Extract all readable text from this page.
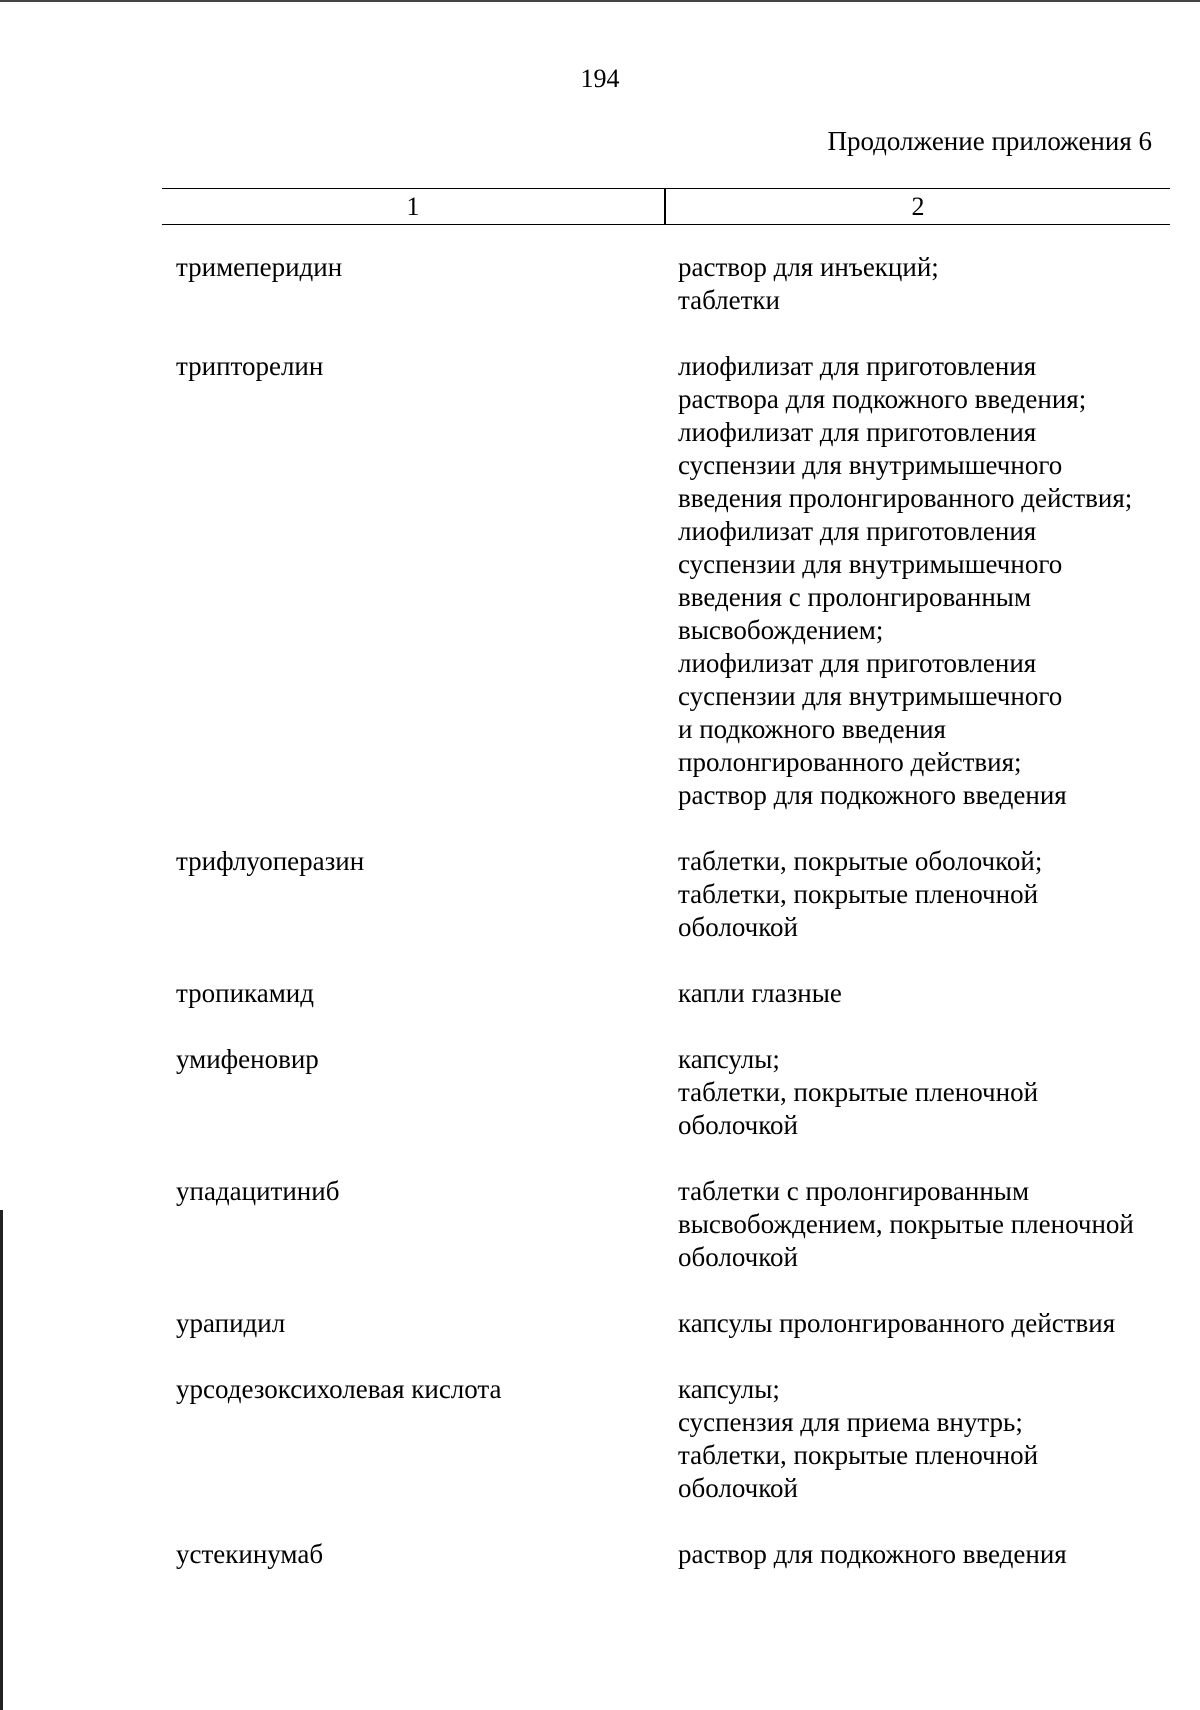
194
Продолжение приложения 6
1	2
тримеперидин	раствор для инъекций;
таблетки
трипторелин	лиофилизат для приготовления
раствора для подкожного введения;
лиофилизат для приготовления
суспензии для внутримышечного
введения пролонгированного действия;
лиофилизат для приготовления
суспензии для внутримышечного
введения с пролонгированным
высвобождением;
лиофилизат для приготовления
суспензии для внутримышечного
и подкожного введения
пролонгированного действия;
раствор для подкожного введения
трифлуоперазин	таблетки, покрытые оболочкой;
таблетки, покрытые пленочной
оболочкой
тропикамид	капли глазные
умифеновир	капсулы;
таблетки, покрытые пленочной
оболочкой
упадацитиниб	таблетки с пролонгированным
высвобождением, покрытые пленочной
оболочкой
урапидил	капсулы пролонгированного действия
урсодезоксихолевая кислота	капсулы;
суспензия для приема внутрь;
таблетки, покрытые пленочной
оболочкой
устекинумаб	раствор для подкожного введения
